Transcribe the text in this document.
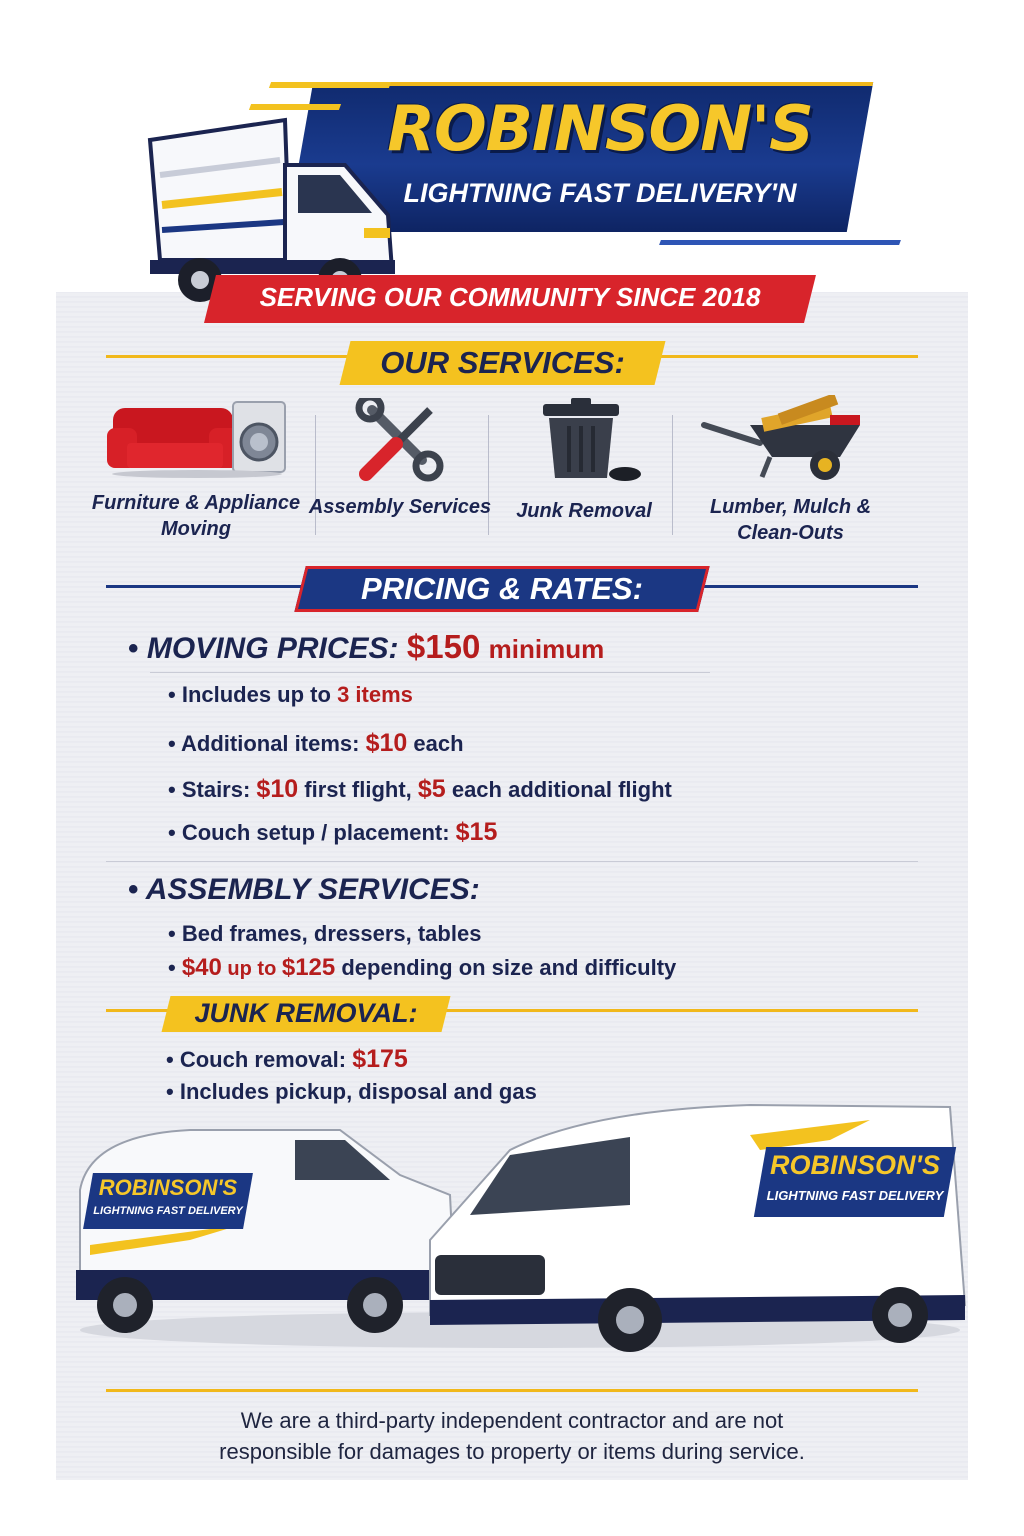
ROBINSON'S
LIGHTNING FAST DELIVERY'N
SERVING OUR COMMUNITY SINCE 2018
OUR SERVICES:
Furniture & Appliance Moving
Assembly Services	Junk Removal	Lumber, Mulch & Clean-Outs
PRICING & RATES:
• MOVING PRICES: $150 minimum
• Includes up to 3 items
• Additional items: $10 each
• Stairs: $10 first flight, $5 each additional flight
• Couch setup / placement: $15
• ASSEMBLY SERVICES:
• Bed frames, dressers, tables
• $40 up to $125 depending on size and difficulty
JUNK REMOVAL:
• Couch removal: $175
• Includes pickup, disposal and gas
ROBINSON'S
LIGHTNING FAST DELIVERY
ROBINSON'S
LIGHTNING FAST DELIVERY
We are a third-party independent contractor and are not
responsible for damages to property or items during service.
